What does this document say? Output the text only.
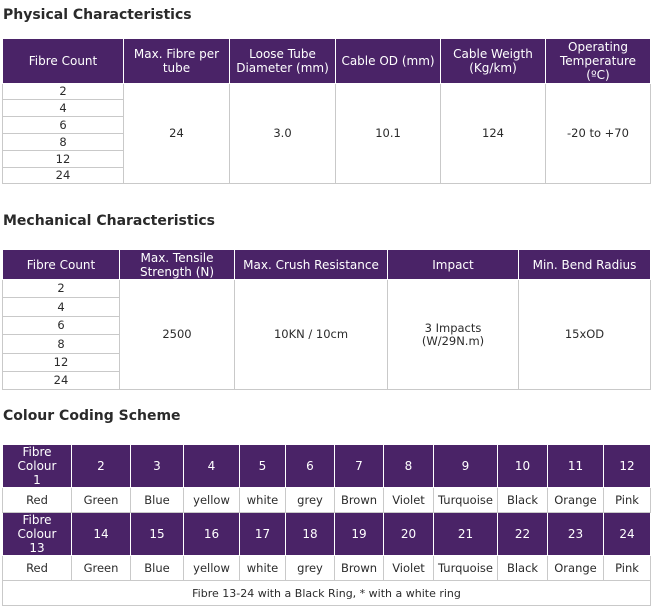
Physical Characteristics
Fibre Count	Max. Fibre per tube	Loose Tube Diameter (mm)	Cable OD (mm)	Cable Weigth (Kg/km)	Operating Temperature (ºC)
2	24	3.0	10.1	124	-20 to +70
4					
6					
8					
12					
24					
Mechanical Characteristics
Fibre Count	Max. Tensile Strength (N)	Max. Crush Resistance	Impact	Min. Bend Radius
2	2500	10KN / 10cm	3 Impacts (W/29N.m)	15xOD
4				
6				
8				
12				
24				
Colour Coding Scheme
Fibre Colour 1	2	3	4	5	6	7	8	9	10	11	12
Red	Green	Blue	yellow	white	grey	Brown	Violet	Turquoise	Black	Orange	Pink
Fibre Colour 13	14	15	16	17	18	19	20	21	22	23	24
Red	Green	Blue	yellow	white	grey	Brown	Violet	Turquoise	Black	Orange	Pink
Fibre 13-24 with a Black Ring, * with a white ring											
